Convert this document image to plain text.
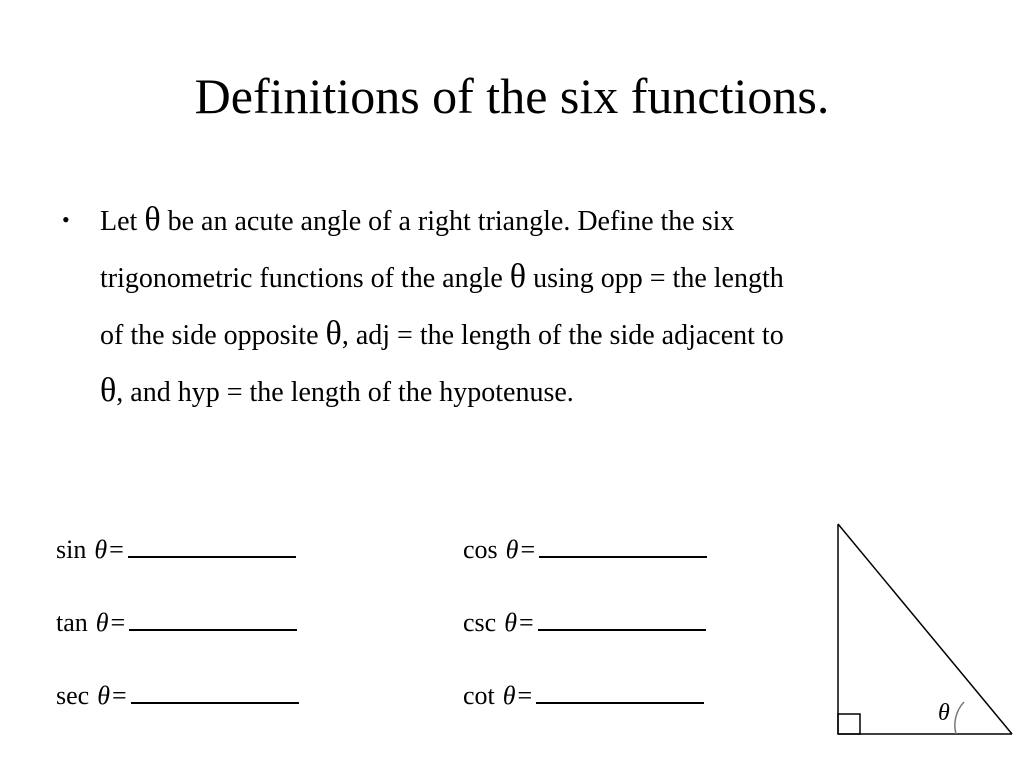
Definitions of the six functions.
• Let θ be an acute angle of a right triangle. Define the six
trigonometric functions of the angle θ using opp = the length
of the side opposite θ, adj = the length of the side adjacent to
θ, and hyp = the length of the hypotenuse.
sin θ=	cos θ=
tan θ=	csc θ=
sec θ=	cot θ=
θ
